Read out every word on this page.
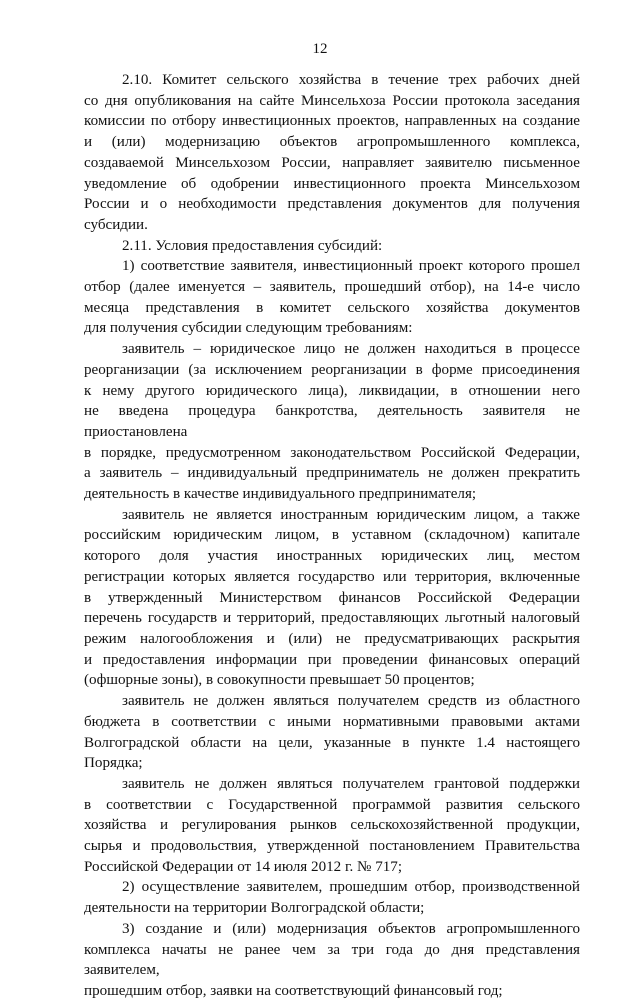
12

2.10. Комитет сельского хозяйства в течение трех рабочих дней
со дня опубликования на сайте Минсельхоза России протокола заседания
комиссии по отбору инвестиционных проектов, направленных на создание
и (или) модернизацию объектов агропромышленного комплекса,
создаваемой Минсельхозом России, направляет заявителю письменное
уведомление об одобрении инвестиционного проекта Минсельхозом
России и о необходимости представления документов для получения
субсидии.

2.11. Условия предоставления субсидий:

1) соответствие заявителя, инвестиционный проект которого прошел
отбор (далее именуется – заявитель, прошедший отбор), на 14-е число
месяца представления в комитет сельского хозяйства документов
для получения субсидии следующим требованиям:

заявитель – юридическое лицо не должен находиться в процессе
реорганизации (за исключением реорганизации в форме присоединения
к нему другого юридического лица), ликвидации, в отношении него
не введена процедура банкротства, деятельность заявителя не приостановлена
в порядке, предусмотренном законодательством Российской Федерации,
а заявитель – индивидуальный предприниматель не должен прекратить
деятельность в качестве индивидуального предпринимателя;

заявитель не является иностранным юридическим лицом, а также
российским юридическим лицом, в уставном (складочном) капитале
которого доля участия иностранных юридических лиц, местом
регистрации которых является государство или территория, включенные
в утвержденный Министерством финансов Российской Федерации
перечень государств и территорий, предоставляющих льготный налоговый
режим налогообложения и (или) не предусматривающих раскрытия
и предоставления информации при проведении финансовых операций
(офшорные зоны), в совокупности превышает 50 процентов;

заявитель не должен являться получателем средств из областного
бюджета в соответствии с иными нормативными правовыми актами
Волгоградской области на цели, указанные в пункте 1.4 настоящего
Порядка;

заявитель не должен являться получателем грантовой поддержки
в соответствии с Государственной программой развития сельского
хозяйства и регулирования рынков сельскохозяйственной продукции,
сырья и продовольствия, утвержденной постановлением Правительства
Российской Федерации от 14 июля 2012 г. № 717;

2) осуществление заявителем, прошедшим отбор, производственной
деятельности на территории Волгоградской области;

3) создание и (или) модернизация объектов агропромышленного
комплекса начаты не ранее чем за три года до дня представления заявителем,
прошедшим отбор, заявки на соответствующий финансовый год;
